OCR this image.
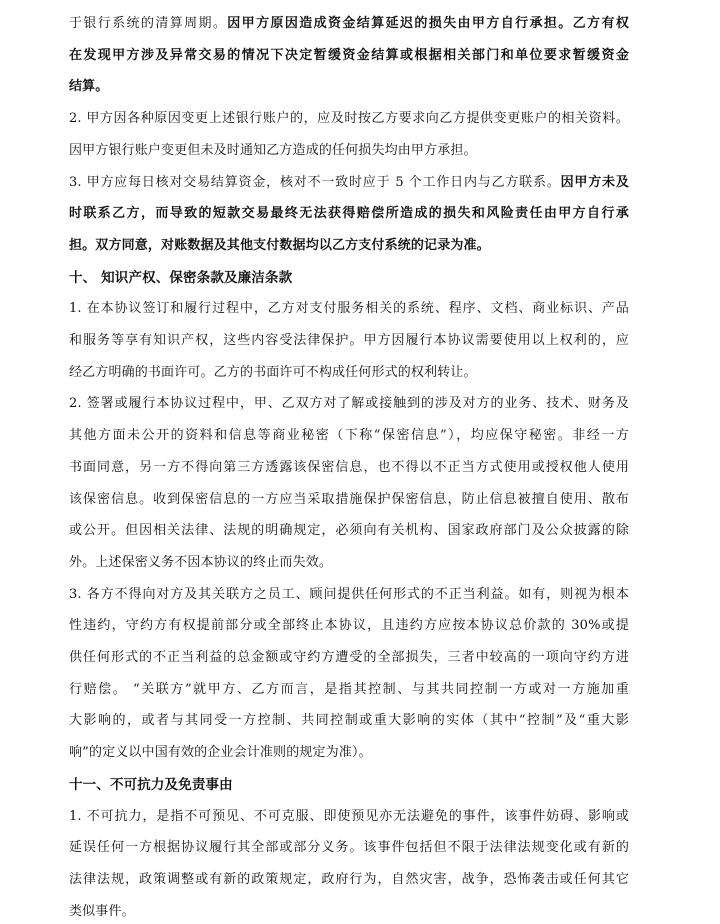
于银行系统的清算周期。因甲方原因造成资金结算延迟的损失由甲方自行承担。乙方有权
在发现甲方涉及异常交易的情况下决定暂缓资金结算或根据相关部门和单位要求暂缓资金
结算。
2. 甲方因各种原因变更上述银行账户的，应及时按乙方要求向乙方提供变更账户的相关资料。
因甲方银行账户变更但未及时通知乙方造成的任何损失均由甲方承担。
3. 甲方应每日核对交易结算资金，核对不一致时应于 5 个工作日内与乙方联系。因甲方未及
时联系乙方，而导致的短款交易最终无法获得赔偿所造成的损失和风险责任由甲方自行承
担。双方同意，对账数据及其他支付数据均以乙方支付系统的记录为准。
十、 知识产权、保密条款及廉洁条款
1. 在本协议签订和履行过程中，乙方对支付服务相关的系统、程序、文档、商业标识、产品
和服务等享有知识产权，这些内容受法律保护。甲方因履行本协议需要使用以上权利的，应
经乙方明确的书面许可。乙方的书面许可不构成任何形式的权利转让。
2. 签署或履行本协议过程中，甲、乙双方对了解或接触到的涉及对方的业务、技术、财务及
其他方面未公开的资料和信息等商业秘密（下称“保密信息”），均应保守秘密。非经一方
书面同意，另一方不得向第三方透露该保密信息，也不得以不正当方式使用或授权他人使用
该保密信息。收到保密信息的一方应当采取措施保护保密信息，防止信息被擅自使用、散布
或公开。但因相关法律、法规的明确规定，必须向有关机构、国家政府部门及公众披露的除
外。上述保密义务不因本协议的终止而失效。
3. 各方不得向对方及其关联方之员工、顾问提供任何形式的不正当利益。如有，则视为根本
性违约，守约方有权提前部分或全部终止本协议，且违约方应按本协议总价款的 30%或提
供任何形式的不正当利益的总金额或守约方遭受的全部损失，三者中较高的一项向守约方进
行赔偿。 “关联方”就甲方、乙方而言，是指其控制、与其共同控制一方或对一方施加重
大影响的，或者与其同受一方控制、共同控制或重大影响的实体（其中“控制”及“重大影
响”的定义以中国有效的企业会计准则的规定为准）。
十一、不可抗力及免责事由
1. 不可抗力，是指不可预见、不可克服、即使预见亦无法避免的事件，该事件妨碍、影响或
延误任何一方根据协议履行其全部或部分义务。该事件包括但不限于法律法规变化或有新的
法律法规，政策调整或有新的政策规定，政府行为，自然灾害，战争，恐怖袭击或任何其它
类似事件。
